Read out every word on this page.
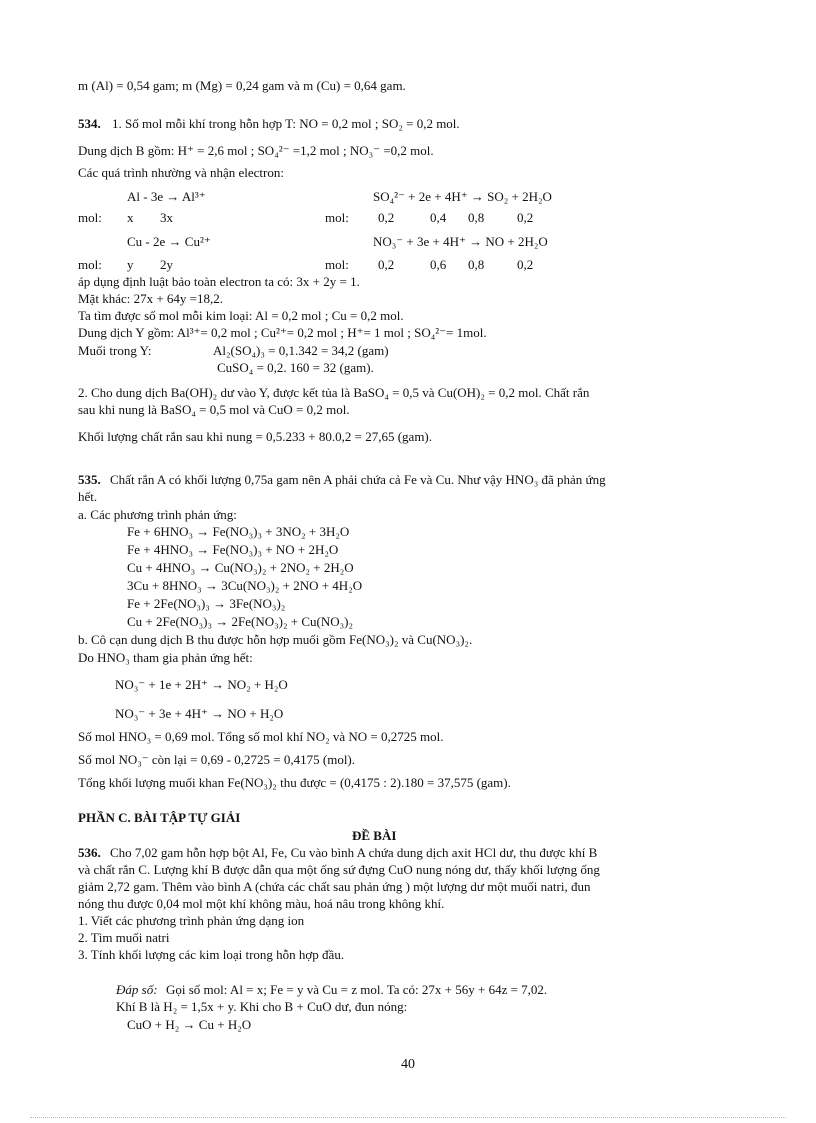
m (Al) = 0,54 gam; m (Mg) = 0,24 gam và m (Cu) = 0,64 gam.
534. 1. Số mol mỗi khí trong hỗn hợp T: NO = 0,2 mol ; SO₂ = 0,2 mol.
Dung dịch B gồm: H⁺ = 2,6 mol ; SO₄²⁻ =1,2 mol ; NO₃⁻ =0,2 mol.
Các quá trình nhường và nhận electron:
Al - 3e → Al³⁺	SO₄²⁻ + 2e + 4H⁺ → SO₂ + 2H₂O
mol: x 3x	mol: 0,2	0,4 0,8	0,2
Cu - 2e → Cu²⁺	NO₃⁻ + 3e + 4H⁺ → NO + 2H₂O
mol: y 2y	mol: 0,2	0,6 0,8	0,2
áp dụng định luật bảo toàn electron ta có: 3x + 2y = 1.
Mặt khác: 27x + 64y =18,2.
Ta tìm được số mol mỗi kim loại: Al = 0,2 mol ; Cu = 0,2 mol.
Dung dịch Y gồm: Al³⁺= 0,2 mol ; Cu²⁺= 0,2 mol ; H⁺= 1 mol ; SO₄²⁻= 1mol.
Muối trong Y:	Al₂(SO₄)₃ = 0,1.342 = 34,2 (gam)
CuSO₄ = 0,2. 160 = 32 (gam).
2. Cho dung dịch Ba(OH)₂ dư vào Y, được kết tủa là BaSO₄ = 0,5 và Cu(OH)₂ = 0,2 mol. Chất rắn
sau khi nung là BaSO₄ = 0,5 mol và CuO = 0,2 mol.
Khối lượng chất rắn sau khi nung = 0,5.233 + 80.0,2 = 27,65 (gam).
535. Chất rắn A có khối lượng 0,75a gam nên A phải chứa cả Fe và Cu. Như vậy HNO₃ đã phản ứng
hết.
a. Các phương trình phản ứng:
Fe + 6HNO₃ → Fe(NO₃)₃ + 3NO₂ + 3H₂O
Fe + 4HNO₃ → Fe(NO₃)₃ + NO + 2H₂O
Cu + 4HNO₃ → Cu(NO₃)₂ + 2NO₂ + 2H₂O
3Cu + 8HNO₃ → 3Cu(NO₃)₂ + 2NO + 4H₂O
Fe + 2Fe(NO₃)₃ → 3Fe(NO₃)₂
Cu + 2Fe(NO₃)₃ → 2Fe(NO₃)₂ + Cu(NO₃)₂
b. Cô cạn dung dịch B thu được hỗn hợp muối gồm Fe(NO₃)₂ và Cu(NO₃)₂.
Do HNO₃ tham gia phản ứng hết:
NO₃⁻ + 1e + 2H⁺ → NO₂ + H₂O
NO₃⁻ + 3e + 4H⁺ → NO + H₂O
Số mol HNO₃ = 0,69 mol. Tổng số mol khí NO₂ và NO = 0,2725 mol.
Số mol NO₃⁻ còn lại = 0,69 - 0,2725 = 0,4175 (mol).
Tổng khối lượng muối khan Fe(NO₃)₂ thu được = (0,4175 : 2).180 = 37,575 (gam).
PHẦN C. BÀI TẬP TỰ GIẢI
ĐỀ BÀI
536. Cho 7,02 gam hỗn hợp bột Al, Fe, Cu vào bình A chứa dung dịch axit HCl dư, thu được khí B
và chất rắn C. Lượng khí B được dẫn qua một ống sứ đựng CuO nung nóng dư, thấy khối lượng ống
giảm 2,72 gam. Thêm vào bình A (chứa các chất sau phản ứng ) một lượng dư một muối natri, đun
nóng thu được 0,04 mol một khí không màu, hoá nâu trong không khí.
1. Viết các phương trình phản ứng dạng ion
2. Tìm muối natri
3. Tính khối lượng các kim loại trong hỗn hợp đầu.
Đáp số: Gọi số mol: Al = x; Fe = y và Cu = z mol. Ta có: 27x + 56y + 64z = 7,02.
Khí B là H₂ = 1,5x + y. Khi cho B + CuO dư, đun nóng:
CuO + H₂ → Cu + H₂O
40
